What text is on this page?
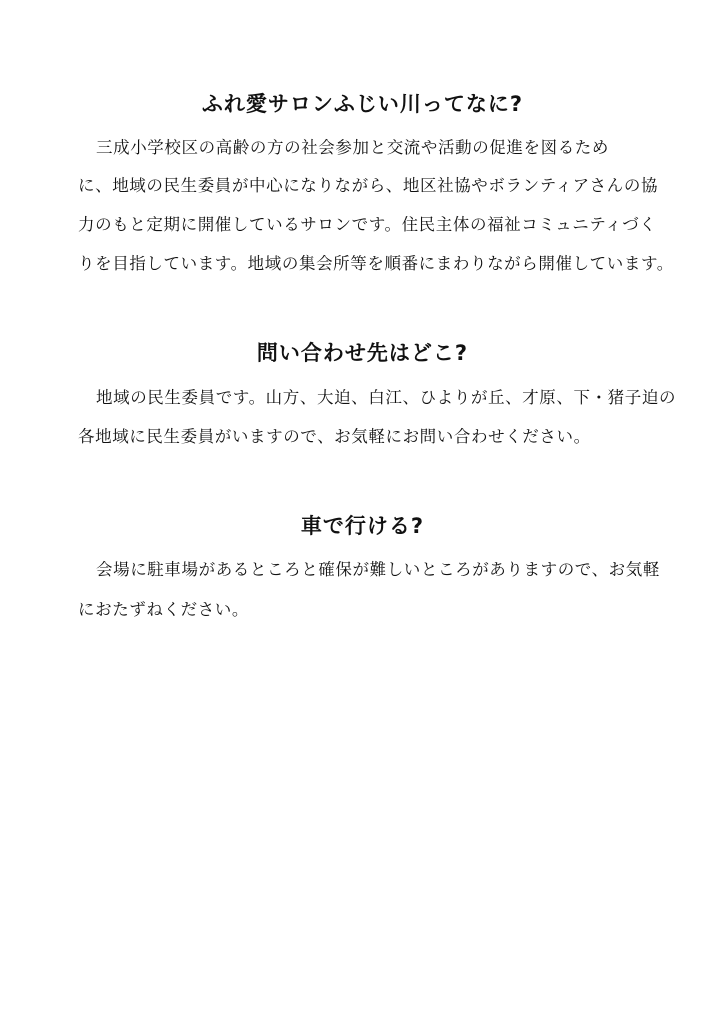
ふれ愛サロンふじい川ってなに?
三成小学校区の高齢の方の社会参加と交流や活動の促進を図るため
に、地域の民生委員が中心になりながら、地区社協やボランティアさんの協
力のもと定期に開催しているサロンです。住民主体の福祉コミュニティづく
りを目指しています。地域の集会所等を順番にまわりながら開催しています。
問い合わせ先はどこ?
地域の民生委員です。山方、大迫、白江、ひよりが丘、才原、下・猪子迫の
各地域に民生委員がいますので、お気軽にお問い合わせください。
車で行ける?
会場に駐車場があるところと確保が難しいところがありますので、お気軽
におたずねください。
